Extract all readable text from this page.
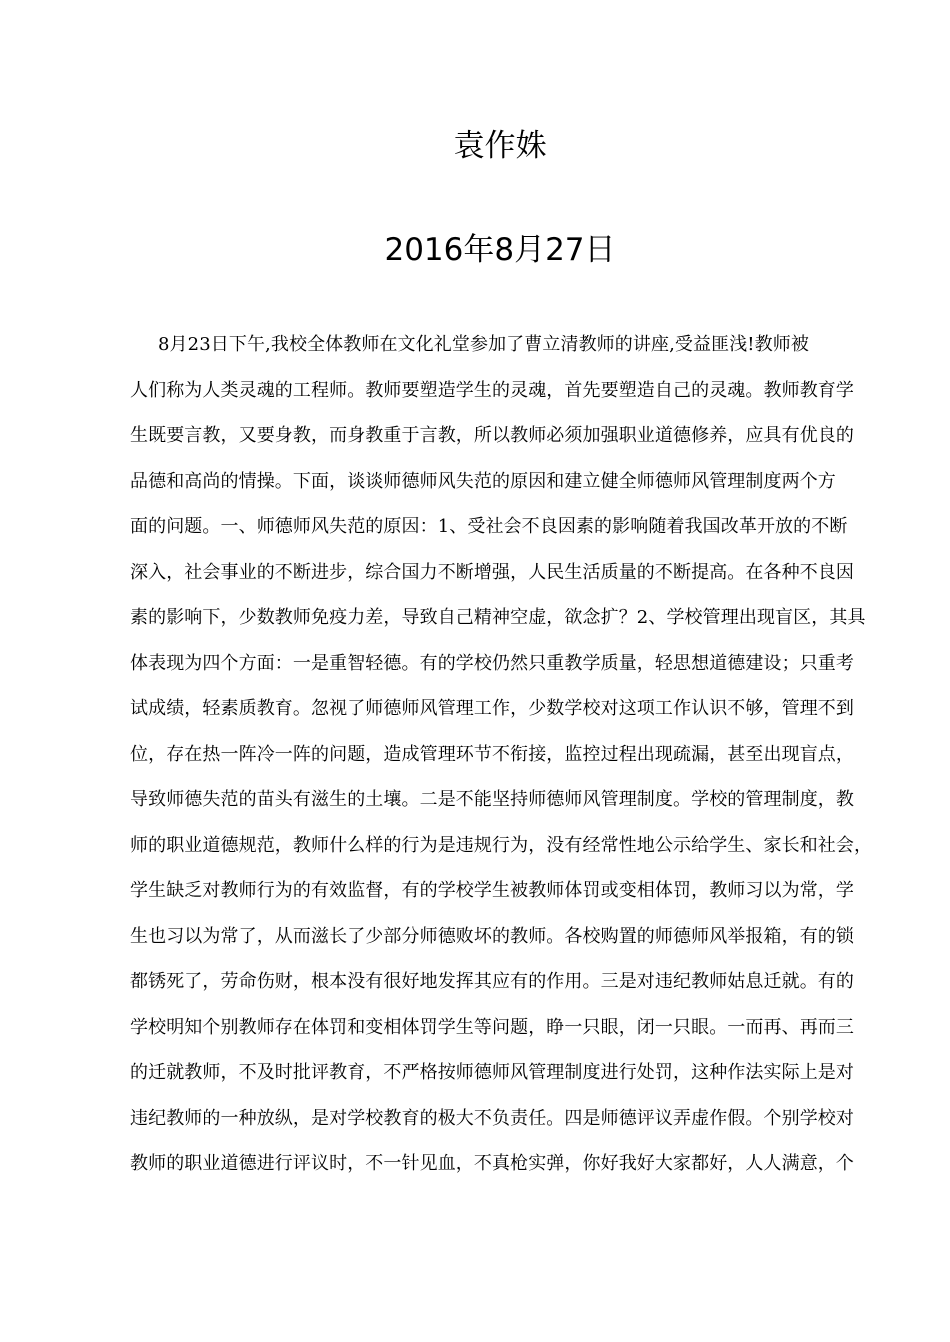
袁作姝
2016年8月27日
8月23日下午,我校全体教师在文化礼堂参加了曹立清教师的讲座,受益匪浅!教师被
人们称为人类灵魂的工程师。教师要塑造学生的灵魂，首先要塑造自己的灵魂。教师教育学
生既要言教，又要身教，而身教重于言教，所以教师必须加强职业道德修养，应具有优良的
品德和高尚的情操。下面，谈谈师德师风失范的原因和建立健全师德师风管理制度两个方
面的问题。一、师德师风失范的原因：1、受社会不良因素的影响随着我国改革开放的不断
深入，社会事业的不断进步，综合国力不断增强，人民生活质量的不断提高。在各种不良因
素的影响下，少数教师免疫力差，导致自己精神空虚，欲念扩？2、学校管理出现盲区，其具
体表现为四个方面：一是重智轻德。有的学校仍然只重教学质量，轻思想道德建设；只重考
试成绩，轻素质教育。忽视了师德师风管理工作，少数学校对这项工作认识不够，管理不到
位，存在热一阵冷一阵的问题，造成管理环节不衔接，监控过程出现疏漏，甚至出现盲点，
导致师德失范的苗头有滋生的土壤。二是不能坚持师德师风管理制度。学校的管理制度，教
师的职业道德规范，教师什么样的行为是违规行为，没有经常性地公示给学生、家长和社会，
学生缺乏对教师行为的有效监督，有的学校学生被教师体罚或变相体罚，教师习以为常，学
生也习以为常了，从而滋长了少部分师德败坏的教师。各校购置的师德师风举报箱，有的锁
都锈死了，劳命伤财，根本没有很好地发挥其应有的作用。三是对违纪教师姑息迁就。有的
学校明知个别教师存在体罚和变相体罚学生等问题，睁一只眼，闭一只眼。一而再、再而三
的迁就教师，不及时批评教育，不严格按师德师风管理制度进行处罚，这种作法实际上是对
违纪教师的一种放纵，是对学校教育的极大不负责任。四是师德评议弄虚作假。个别学校对
教师的职业道德进行评议时，不一针见血，不真枪实弹，你好我好大家都好，人人满意，个
